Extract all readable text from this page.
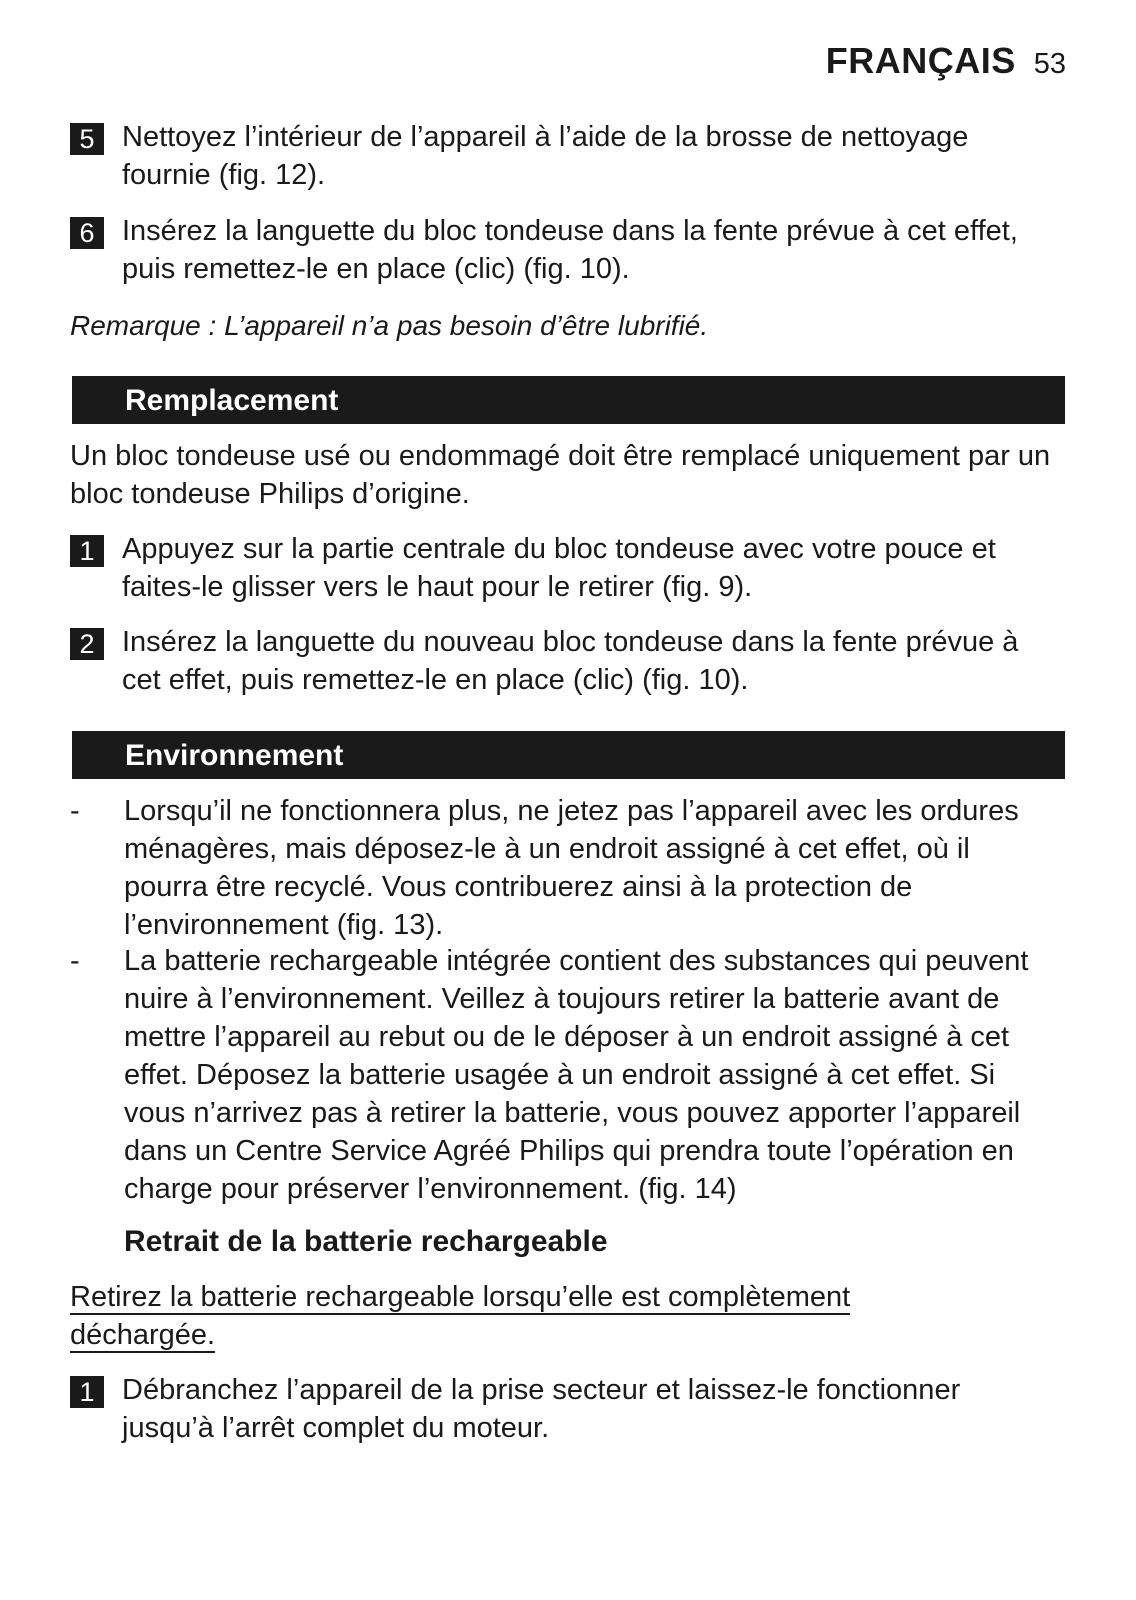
FRANÇAIS 53
5 Nettoyez l’intérieur de l’appareil à l’aide de la brosse de nettoyage fournie (fig. 12).
6 Insérez la languette du bloc tondeuse dans la fente prévue à cet effet, puis remettez-le en place (clic) (fig. 10).
Remarque : L’appareil n’a pas besoin d’être lubrifié.
Remplacement
Un bloc tondeuse usé ou endommagé doit être remplacé uniquement par un bloc tondeuse Philips d’origine.
1 Appuyez sur la partie centrale du bloc tondeuse avec votre pouce et faites-le glisser vers le haut pour le retirer (fig. 9).
2 Insérez la languette du nouveau bloc tondeuse dans la fente prévue à cet effet, puis remettez-le en place (clic) (fig. 10).
Environnement
-	Lorsqu’il ne fonctionnera plus, ne jetez pas l’appareil avec les ordures ménagères, mais déposez-le à un endroit assigné à cet effet, où il pourra être recyclé. Vous contribuerez ainsi à la protection de l’environnement (fig. 13).
-	La batterie rechargeable intégrée contient des substances qui peuvent nuire à l’environnement. Veillez à toujours retirer la batterie avant de mettre l’appareil au rebut ou de le déposer à un endroit assigné à cet effet. Déposez la batterie usagée à un endroit assigné à cet effet. Si vous n’arrivez pas à retirer la batterie, vous pouvez apporter l’appareil dans un Centre Service Agréé Philips qui prendra toute l’opération en charge pour préserver l’environnement. (fig. 14)
Retrait de la batterie rechargeable
Retirez la batterie rechargeable lorsqu’elle est complètement déchargée.
1 Débranchez l’appareil de la prise secteur et laissez-le fonctionner jusqu’à l’arrêt complet du moteur.
